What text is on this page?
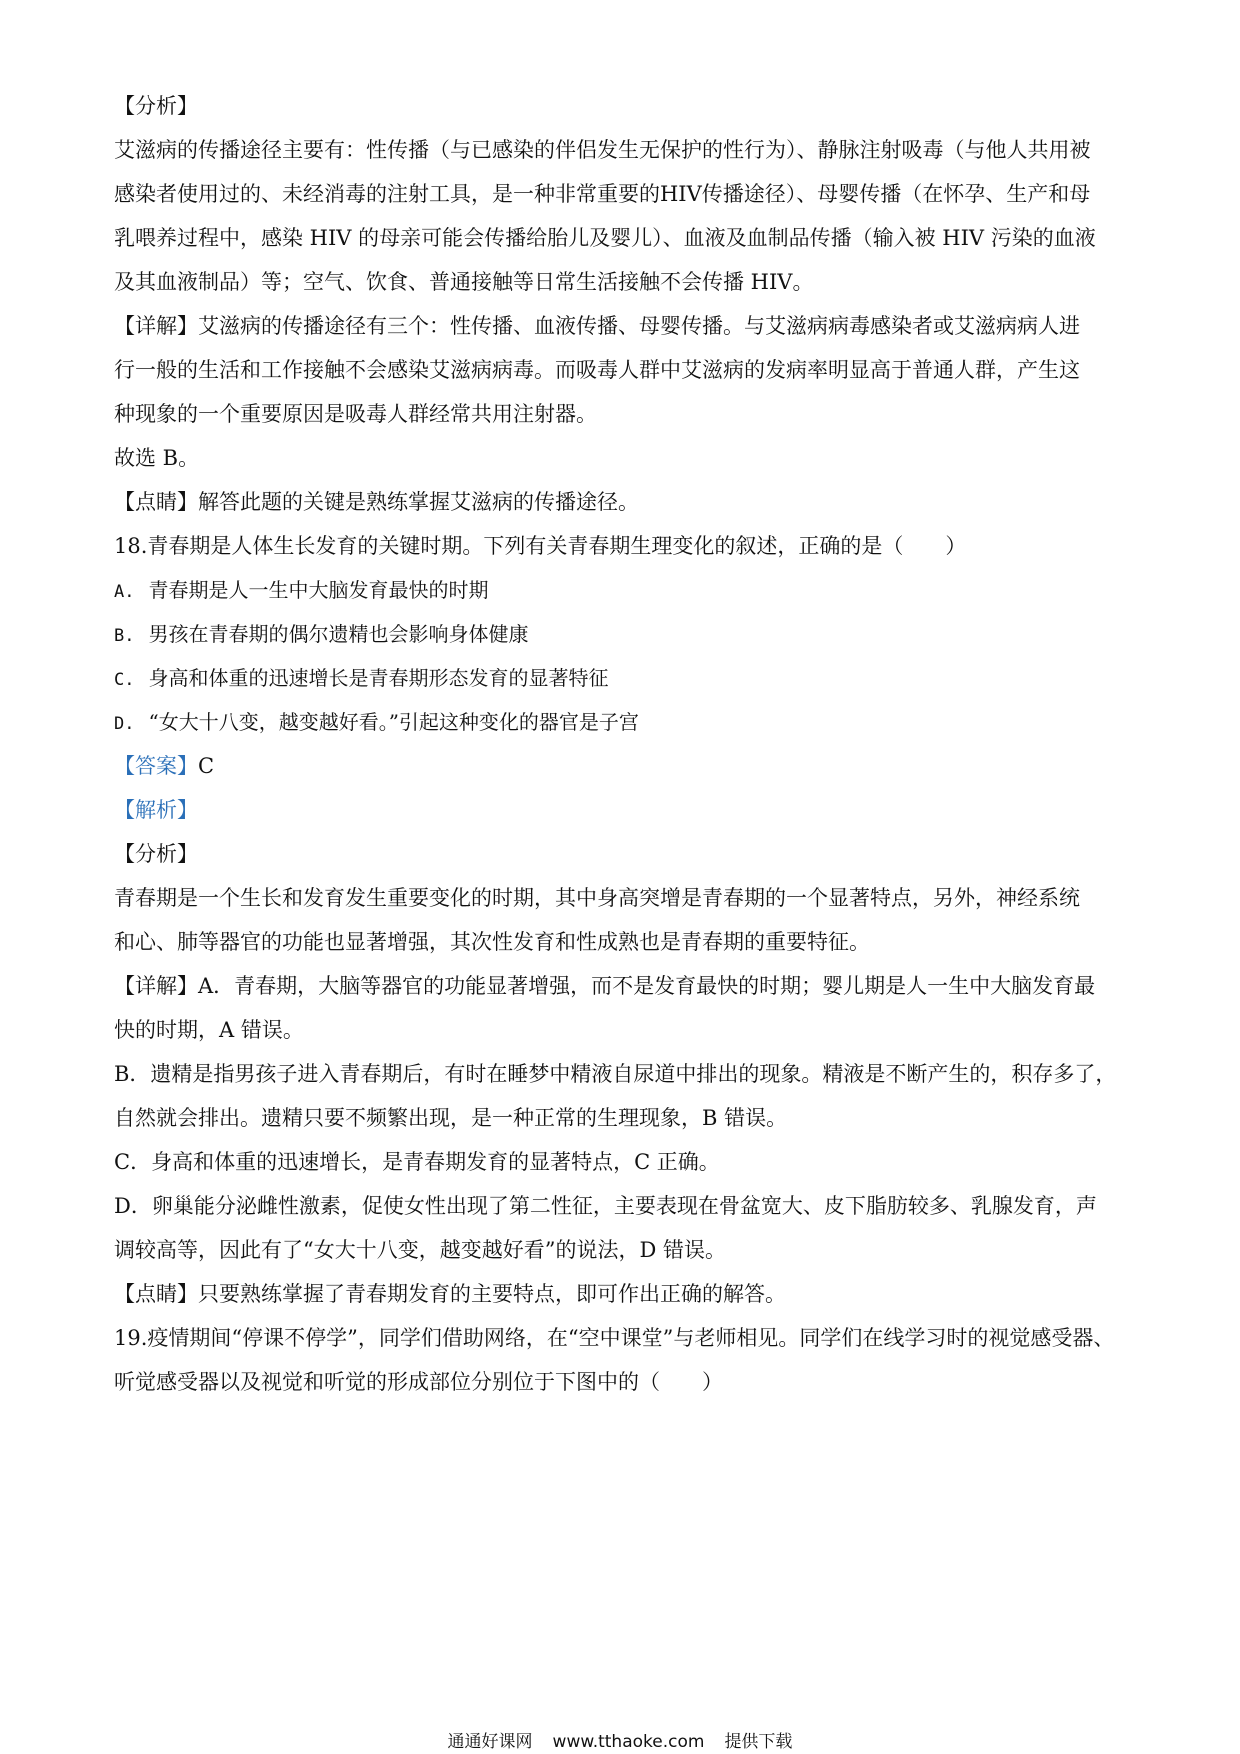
【分析】
艾滋病的传播途径主要有：性传播（与已感染的伴侣发生无保护的性行为）、静脉注射吸毒（与他人共用被
感染者使用过的、未经消毒的注射工具，是一种非常重要的HIV传播途径）、母婴传播（在怀孕、生产和母
乳喂养过程中，感染 HIV 的母亲可能会传播给胎儿及婴儿）、血液及血制品传播（输入被 HIV 污染的血液
及其血液制品）等；空气、饮食、普通接触等日常生活接触不会传播 HIV。
【详解】艾滋病的传播途径有三个：性传播、血液传播、母婴传播。与艾滋病病毒感染者或艾滋病病人进
行一般的生活和工作接触不会感染艾滋病病毒。而吸毒人群中艾滋病的发病率明显高于普通人群，产生这
种现象的一个重要原因是吸毒人群经常共用注射器。
故选 B。
【点睛】解答此题的关键是熟练掌握艾滋病的传播途径。
18.青春期是人体生长发育的关键时期。下列有关青春期生理变化的叙述，正确的是（　　）
A. 青春期是人一生中大脑发育最快的时期
B. 男孩在青春期的偶尔遗精也会影响身体健康
C. 身高和体重的迅速增长是青春期形态发育的显著特征
D. “女大十八变，越变越好看。”引起这种变化的器官是子宫
【答案】C
【解析】
【分析】
青春期是一个生长和发育发生重要变化的时期，其中身高突增是青春期的一个显著特点，另外，神经系统
和心、肺等器官的功能也显著增强，其次性发育和性成熟也是青春期的重要特征。
【详解】A．青春期，大脑等器官的功能显著增强，而不是发育最快的时期；婴儿期是人一生中大脑发育最
快的时期，A 错误。
B．遗精是指男孩子进入青春期后，有时在睡梦中精液自尿道中排出的现象。精液是不断产生的，积存多了，
自然就会排出。遗精只要不频繁出现，是一种正常的生理现象，B 错误。
C．身高和体重的迅速增长，是青春期发育的显著特点，C 正确。
D．卵巢能分泌雌性激素，促使女性出现了第二性征，主要表现在骨盆宽大、皮下脂肪较多、乳腺发育，声
调较高等，因此有了“女大十八变，越变越好看”的说法，D 错误。
【点睛】只要熟练掌握了青春期发育的主要特点，即可作出正确的解答。
19.疫情期间“停课不停学”，同学们借助网络，在“空中课堂”与老师相见。同学们在线学习时的视觉感受器、
听觉感受器以及视觉和听觉的形成部位分别位于下图中的（　　）
通通好课网 www.tthaoke.com 提供下载
